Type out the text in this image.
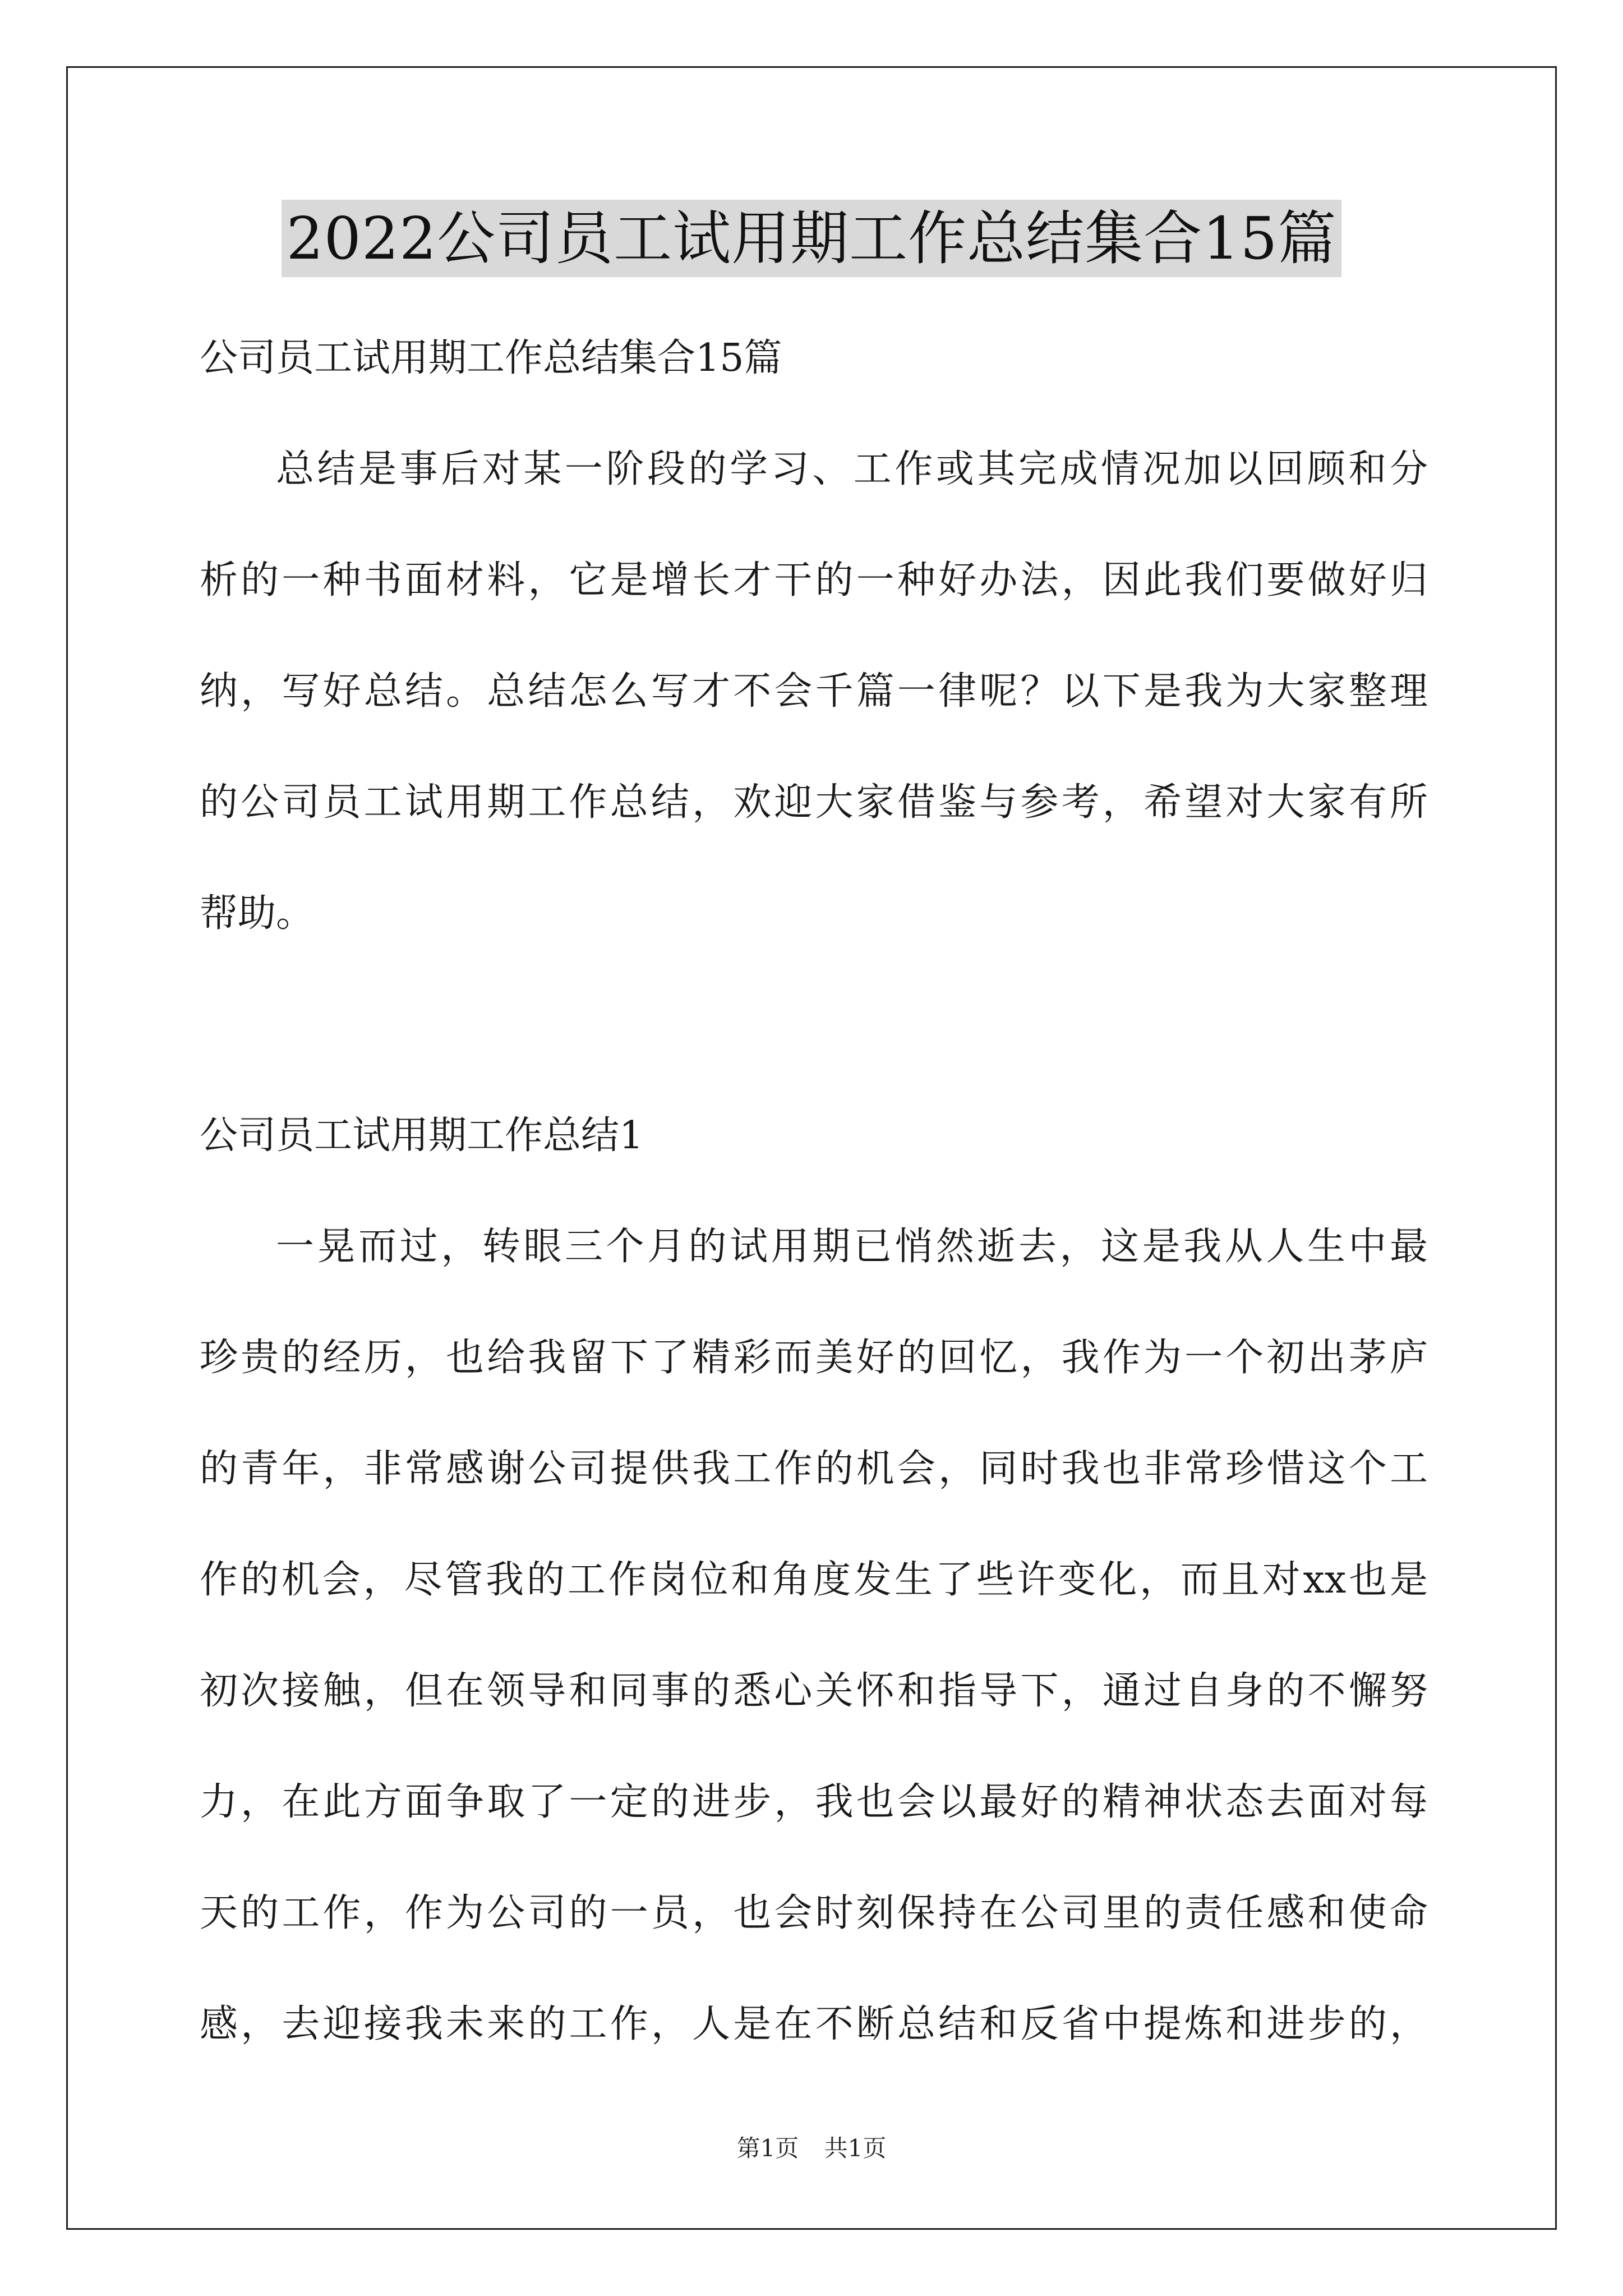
2022公司员工试用期工作总结集合15篇
公司员工试用期工作总结集合15篇
总结是事后对某一阶段的学习、工作或其完成情况加以回顾和分
析的一种书面材料，它是增长才干的一种好办法，因此我们要做好归
纳，写好总结。总结怎么写才不会千篇一律呢？以下是我为大家整理
的公司员工试用期工作总结，欢迎大家借鉴与参考，希望对大家有所
帮助。
公司员工试用期工作总结1
一晃而过，转眼三个月的试用期已悄然逝去，这是我从人生中最
珍贵的经历，也给我留下了精彩而美好的回忆，我作为一个初出茅庐
的青年，非常感谢公司提供我工作的机会，同时我也非常珍惜这个工
作的机会，尽管我的工作岗位和角度发生了些许变化，而且对xx也是
初次接触，但在领导和同事的悉心关怀和指导下，通过自身的不懈努
力，在此方面争取了一定的进步，我也会以最好的精神状态去面对每
天的工作，作为公司的一员，也会时刻保持在公司里的责任感和使命
感，去迎接我未来的工作，人是在不断总结和反省中提炼和进步的，
第1页 共1页
